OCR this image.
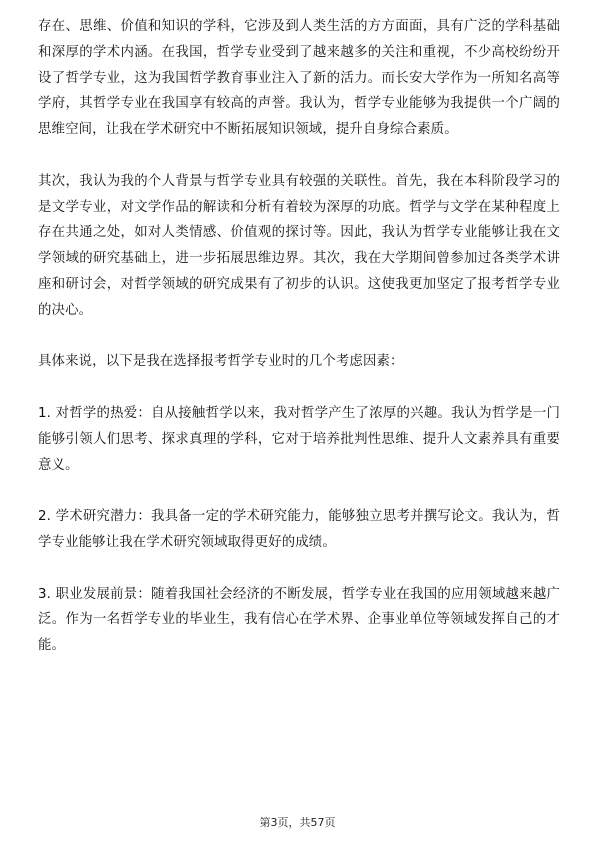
存在、思维、价值和知识的学科，它涉及到人类生活的方方面面，具有广泛的学科基础和深厚的学术内涵。在我国，哲学专业受到了越来越多的关注和重视，不少高校纷纷开设了哲学专业，这为我国哲学教育事业注入了新的活力。而长安大学作为一所知名高等学府，其哲学专业在我国享有较高的声誉。我认为，哲学专业能够为我提供一个广阔的思维空间，让我在学术研究中不断拓展知识领域，提升自身综合素质。

其次，我认为我的个人背景与哲学专业具有较强的关联性。首先，我在本科阶段学习的是文学专业，对文学作品的解读和分析有着较为深厚的功底。哲学与文学在某种程度上存在共通之处，如对人类情感、价值观的探讨等。因此，我认为哲学专业能够让我在文学领域的研究基础上，进一步拓展思维边界。其次，我在大学期间曾参加过各类学术讲座和研讨会，对哲学领域的研究成果有了初步的认识。这使我更加坚定了报考哲学专业的决心。

具体来说，以下是我在选择报考哲学专业时的几个考虑因素：

1. 对哲学的热爱：自从接触哲学以来，我对哲学产生了浓厚的兴趣。我认为哲学是一门能够引领人们思考、探求真理的学科，它对于培养批判性思维、提升人文素养具有重要意义。

2. 学术研究潜力：我具备一定的学术研究能力，能够独立思考并撰写论文。我认为，哲学专业能够让我在学术研究领域取得更好的成绩。

3. 职业发展前景：随着我国社会经济的不断发展，哲学专业在我国的应用领域越来越广泛。作为一名哲学专业的毕业生，我有信心在学术界、企事业单位等领域发挥自己的才能。

第3页，共57页
